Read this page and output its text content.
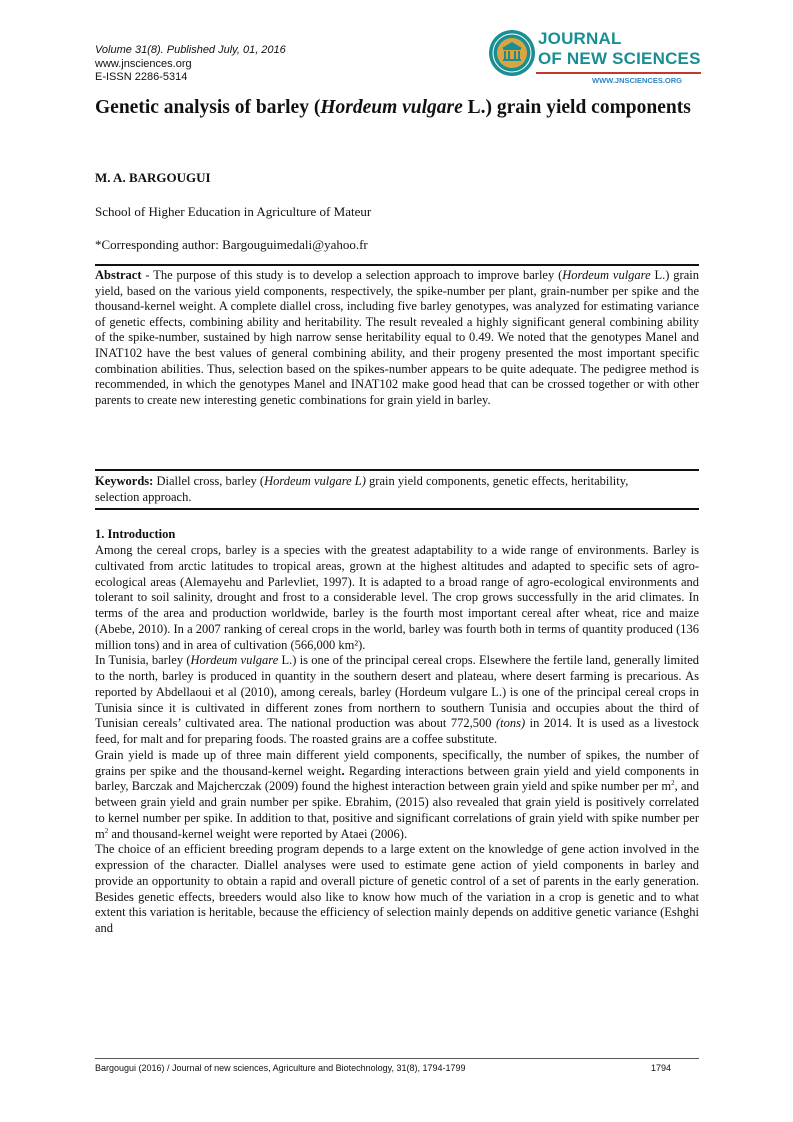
Volume 31(8). Published July, 01, 2016
www.jnsciences.org
E-ISSN 2286-5314
JOURNAL
OF NEW SCIENCES
WWW.JNSCIENCES.ORG
Genetic analysis of barley (Hordeum vulgare L.) grain yield components
M. A. BARGOUGUI
School of Higher Education in Agriculture of Mateur
*Corresponding author: Bargouguimedali@yahoo.fr
Abstract - The purpose of this study is to develop a selection approach to improve barley (Hordeum vulgare L.) grain yield, based on the various yield components, respectively, the spike-number per plant, grain-number per spike and the thousand-kernel weight. A complete diallel cross, including five barley genotypes, was analyzed for estimating variance of genetic effects, combining ability and heritability. The result revealed a highly significant general combining ability of the spike-number, sustained by high narrow sense heritability equal to 0.49. We noted that the genotypes Manel and INAT102 have the best values of general combining ability, and their progeny presented the most important specific combination abilities. Thus, selection based on the spikes-number appears to be quite adequate. The pedigree method is recommended, in which the genotypes Manel and INAT102 make good head that can be crossed together or with other parents to create new interesting genetic combinations for grain yield in barley.
Keywords: Diallel cross, barley (Hordeum vulgare L) grain yield components, genetic effects, heritability, selection approach.
1. Introduction

Among the cereal crops, barley is a species with the greatest adaptability to a wide range of environments. Barley is cultivated from arctic latitudes to tropical areas, grown at the highest altitudes and adapted to specific sets of agro-ecological areas (Alemayehu and Parlevliet, 1997). It is adapted to a broad range of agro-ecological environments and tolerant to soil salinity, drought and frost to a considerable level. The crop grows successfully in the arid climates. In terms of the area and production worldwide, barley is the fourth most important cereal after wheat, rice and maize (Abebe, 2010). In a 2007 ranking of cereal crops in the world, barley was fourth both in terms of quantity produced (136 million tons) and in area of cultivation (566,000 km²).

In Tunisia, barley (Hordeum vulgare L.) is one of the principal cereal crops. Elsewhere the fertile land, generally limited to the north, barley is produced in quantity in the southern desert and plateau, where desert farming is precarious. As reported by Abdellaoui et al (2010), among cereals, barley (Hordeum vulgare L.) is one of the principal cereal crops in Tunisia since it is cultivated in different zones from northern to southern Tunisia and occupies about the third of Tunisian cereals’ cultivated area. The national production was about 772,500 (tons) in 2014. It is used as a livestock feed, for malt and for preparing foods. The roasted grains are a coffee substitute.

Grain yield is made up of three main different yield components, specifically, the number of spikes, the number of grains per spike and the thousand-kernel weight. Regarding interactions between grain yield and yield components in barley, Barczak and Majcherczak (2009) found the highest interaction between grain yield and spike number per $m^2$, and between grain yield and grain number per spike. Ebrahim, (2015) also revealed that grain yield is positively correlated to kernel number per spike. In addition to that, positive and significant correlations of grain yield with spike number per $m^2$ and thousand-kernel weight were reported by Ataei (2006).

The choice of an efficient breeding program depends to a large extent on the knowledge of gene action involved in the expression of the character. Diallel analyses were used to estimate gene action of yield components in barley and provide an opportunity to obtain a rapid and overall picture of genetic control of a set of parents in the early generation. Besides genetic effects, breeders would also like to know how much of the variation in a crop is genetic and to what extent this variation is heritable, because the efficiency of selection mainly depends on additive genetic variance (Eshghi and

Bargougui (2016) / Journal of new sciences, Agriculture and Biotechnology, 31(8), 1794-1799	1794
